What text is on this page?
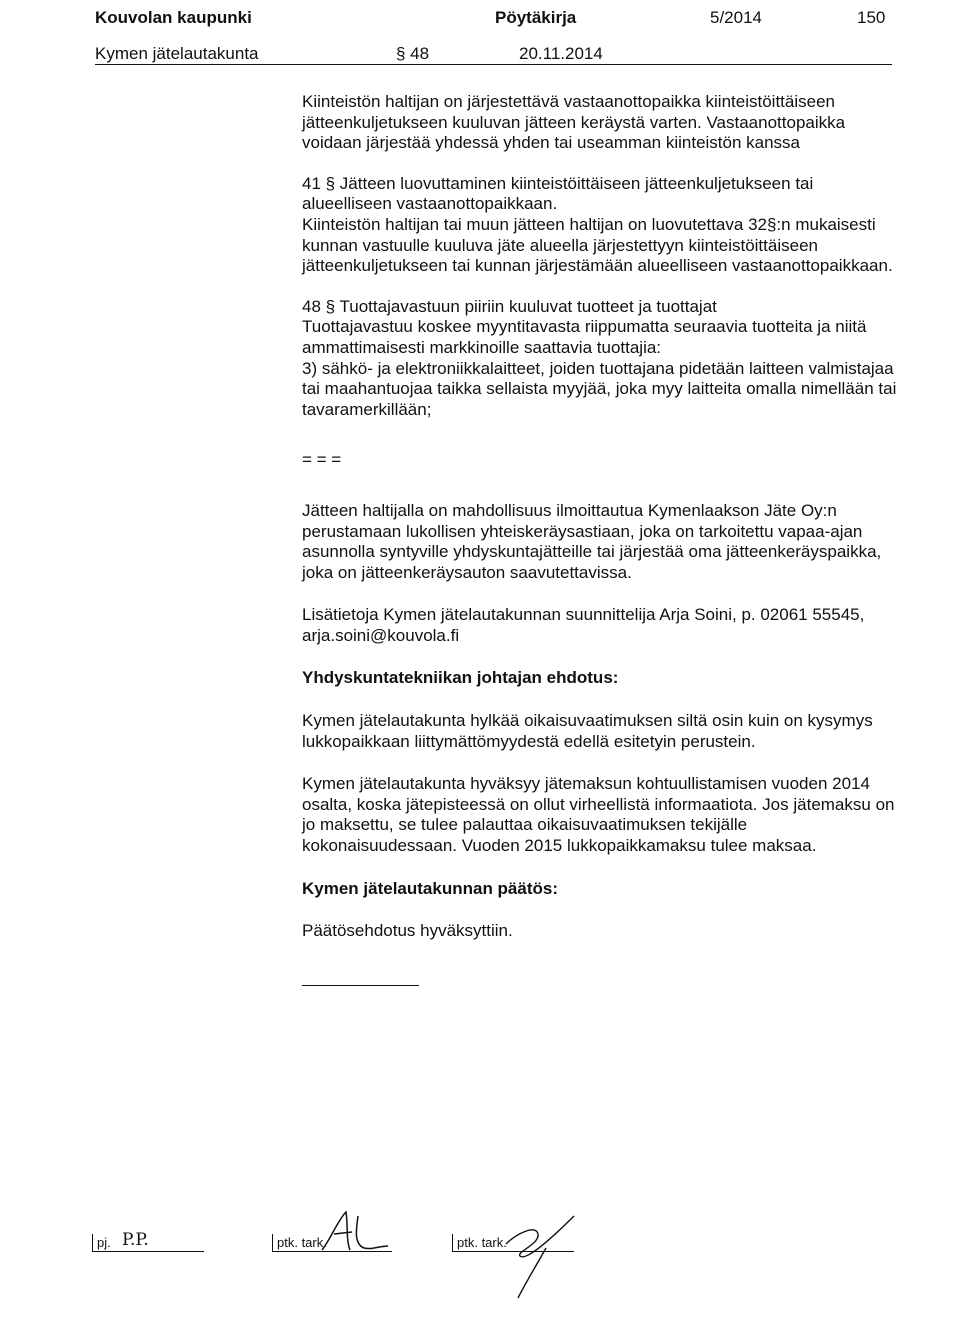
Kouvolan kaupunki	Pöytäkirja	5/2014	150
Kymen jätelautakunta	§ 48	20.11.2014

Kiinteistön haltijan on järjestettävä vastaanottopaikka kiinteistöittäiseen jätteenkuljetukseen kuuluvan jätteen keräystä varten. Vastaanottopaikka voidaan järjestää yhdessä yhden tai useamman kiinteistön kanssa

41 § Jätteen luovuttaminen kiinteistöittäiseen jätteenkuljetukseen tai alueelliseen vastaanottopaikkaan.

Kiinteistön haltijan tai muun jätteen haltijan on luovutettava 32§:n mukaisesti kunnan vastuulle kuuluva jäte alueella järjestettyyn kiinteistöittäiseen jätteenkuljetukseen tai kunnan järjestämään alueelliseen vastaanottopaikkaan.

48 § Tuottajavastuun piiriin kuuluvat tuotteet ja tuottajat

Tuottajavastuu koskee myyntitavasta riippumatta seuraavia tuotteita ja niitä ammattimaisesti markkinoille saattavia tuottajia:

3) sähkö- ja elektroniikkalaitteet, joiden tuottajana pidetään laitteen valmistajaa tai maahantuojaa taikka sellaista myyjää, joka myy laitteita omalla nimellään tai tavaramerkillään;

= = =

Jätteen haltijalla on mahdollisuus ilmoittautua Kymenlaakson Jäte Oy:n perustamaan lukollisen yhteiskeräysastiaan, joka on tarkoitettu vapaa-ajan asunnolla syntyville yhdyskuntajätteille tai järjestää oma jätteenkeräyspaikka, joka on jätteenkeräysauton saavutettavissa.

Lisätietoja Kymen jätelautakunnan suunnittelija Arja Soini, p. 02061 55545, arja.soini@kouvola.fi

Yhdyskuntatekniikan johtajan ehdotus:

Kymen jätelautakunta hylkää oikaisuvaatimuksen siltä osin kuin on kysymys lukkopaikkaan liittymättömyydestä edellä esitetyin perustein.

Kymen jätelautakunta hyväksyy jätemaksun kohtuullistamisen vuoden 2014 osalta, koska jätepisteessä on ollut virheellistä informaatiota. Jos jätemaksu on jo maksettu, se tulee palauttaa oikaisuvaatimuksen tekijälle kokonaisuudessaan. Vuoden 2015 lukkopaikkamaksu tulee maksaa.

Kymen jätelautakunnan päätös:

Päätösehdotus hyväksyttiin.

pj. P.P.	ptk. tark.	ptk. tark.
